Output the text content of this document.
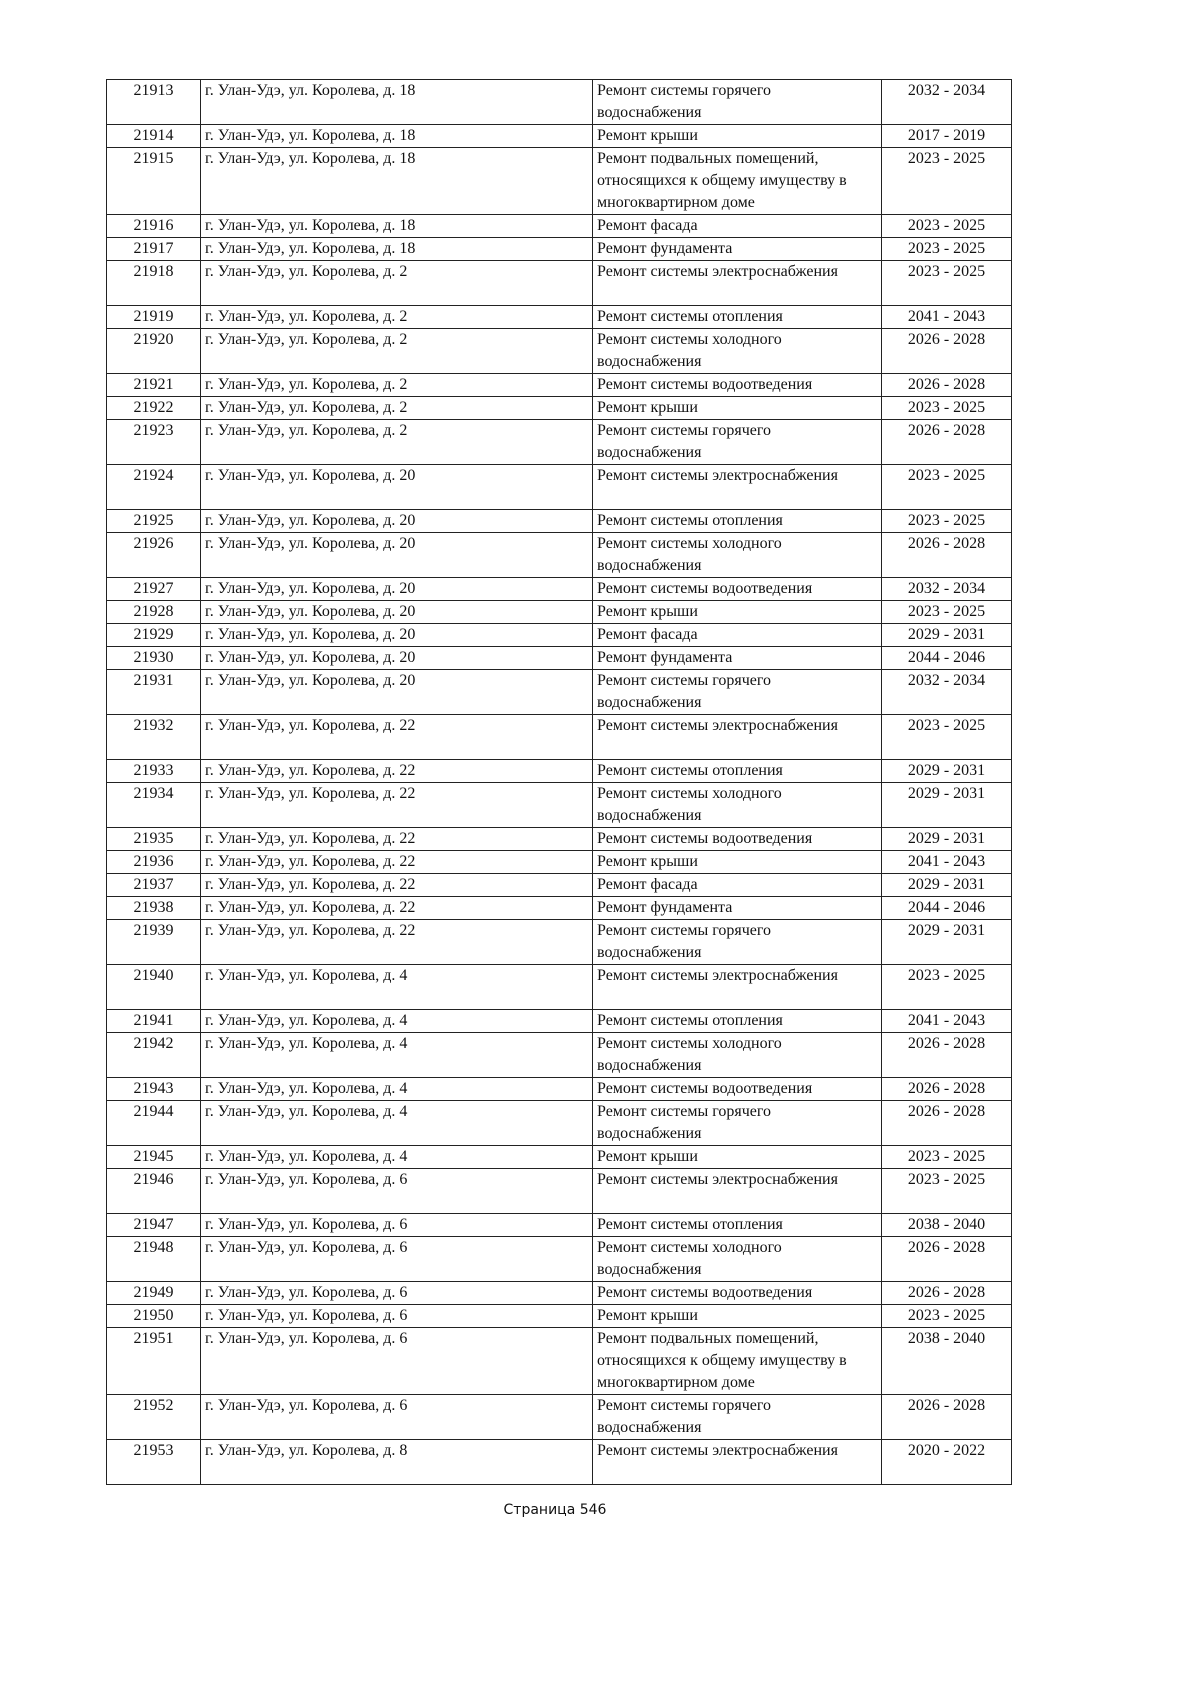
21913	г. Улан-Удэ, ул. Королева, д. 18	Ремонт системы горячего водоснабжения	2032 - 2034
21914	г. Улан-Удэ, ул. Королева, д. 18	Ремонт крыши	2017 - 2019
21915	г. Улан-Удэ, ул. Королева, д. 18	Ремонт подвальных помещений, относящихся к общему имуществу в многоквартирном доме	2023 - 2025
21916	г. Улан-Удэ, ул. Королева, д. 18	Ремонт фасада	2023 - 2025
21917	г. Улан-Удэ, ул. Королева, д. 18	Ремонт фундамента	2023 - 2025
21918	г. Улан-Удэ, ул. Королева, д. 2	Ремонт системы электроснабжения	2023 - 2025
21919	г. Улан-Удэ, ул. Королева, д. 2	Ремонт системы отопления	2041 - 2043
21920	г. Улан-Удэ, ул. Королева, д. 2	Ремонт системы холодного водоснабжения	2026 - 2028
21921	г. Улан-Удэ, ул. Королева, д. 2	Ремонт системы водоотведения	2026 - 2028
21922	г. Улан-Удэ, ул. Королева, д. 2	Ремонт крыши	2023 - 2025
21923	г. Улан-Удэ, ул. Королева, д. 2	Ремонт системы горячего водоснабжения	2026 - 2028
21924	г. Улан-Удэ, ул. Королева, д. 20	Ремонт системы электроснабжения	2023 - 2025
21925	г. Улан-Удэ, ул. Королева, д. 20	Ремонт системы отопления	2023 - 2025
21926	г. Улан-Удэ, ул. Королева, д. 20	Ремонт системы холодного водоснабжения	2026 - 2028
21927	г. Улан-Удэ, ул. Королева, д. 20	Ремонт системы водоотведения	2032 - 2034
21928	г. Улан-Удэ, ул. Королева, д. 20	Ремонт крыши	2023 - 2025
21929	г. Улан-Удэ, ул. Королева, д. 20	Ремонт фасада	2029 - 2031
21930	г. Улан-Удэ, ул. Королева, д. 20	Ремонт фундамента	2044 - 2046
21931	г. Улан-Удэ, ул. Королева, д. 20	Ремонт системы горячего водоснабжения	2032 - 2034
21932	г. Улан-Удэ, ул. Королева, д. 22	Ремонт системы электроснабжения	2023 - 2025
21933	г. Улан-Удэ, ул. Королева, д. 22	Ремонт системы отопления	2029 - 2031
21934	г. Улан-Удэ, ул. Королева, д. 22	Ремонт системы холодного водоснабжения	2029 - 2031
21935	г. Улан-Удэ, ул. Королева, д. 22	Ремонт системы водоотведения	2029 - 2031
21936	г. Улан-Удэ, ул. Королева, д. 22	Ремонт крыши	2041 - 2043
21937	г. Улан-Удэ, ул. Королева, д. 22	Ремонт фасада	2029 - 2031
21938	г. Улан-Удэ, ул. Королева, д. 22	Ремонт фундамента	2044 - 2046
21939	г. Улан-Удэ, ул. Королева, д. 22	Ремонт системы горячего водоснабжения	2029 - 2031
21940	г. Улан-Удэ, ул. Королева, д. 4	Ремонт системы электроснабжения	2023 - 2025
21941	г. Улан-Удэ, ул. Королева, д. 4	Ремонт системы отопления	2041 - 2043
21942	г. Улан-Удэ, ул. Королева, д. 4	Ремонт системы холодного водоснабжения	2026 - 2028
21943	г. Улан-Удэ, ул. Королева, д. 4	Ремонт системы водоотведения	2026 - 2028
21944	г. Улан-Удэ, ул. Королева, д. 4	Ремонт системы горячего водоснабжения	2026 - 2028
21945	г. Улан-Удэ, ул. Королева, д. 4	Ремонт крыши	2023 - 2025
21946	г. Улан-Удэ, ул. Королева, д. 6	Ремонт системы электроснабжения	2023 - 2025
21947	г. Улан-Удэ, ул. Королева, д. 6	Ремонт системы отопления	2038 - 2040
21948	г. Улан-Удэ, ул. Королева, д. 6	Ремонт системы холодного водоснабжения	2026 - 2028
21949	г. Улан-Удэ, ул. Королева, д. 6	Ремонт системы водоотведения	2026 - 2028
21950	г. Улан-Удэ, ул. Королева, д. 6	Ремонт крыши	2023 - 2025
21951	г. Улан-Удэ, ул. Королева, д. 6	Ремонт подвальных помещений, относящихся к общему имуществу в многоквартирном доме	2038 - 2040
21952	г. Улан-Удэ, ул. Королева, д. 6	Ремонт системы горячего водоснабжения	2026 - 2028
21953	г. Улан-Удэ, ул. Королева, д. 8	Ремонт системы электроснабжения	2020 - 2022
Страница 546
